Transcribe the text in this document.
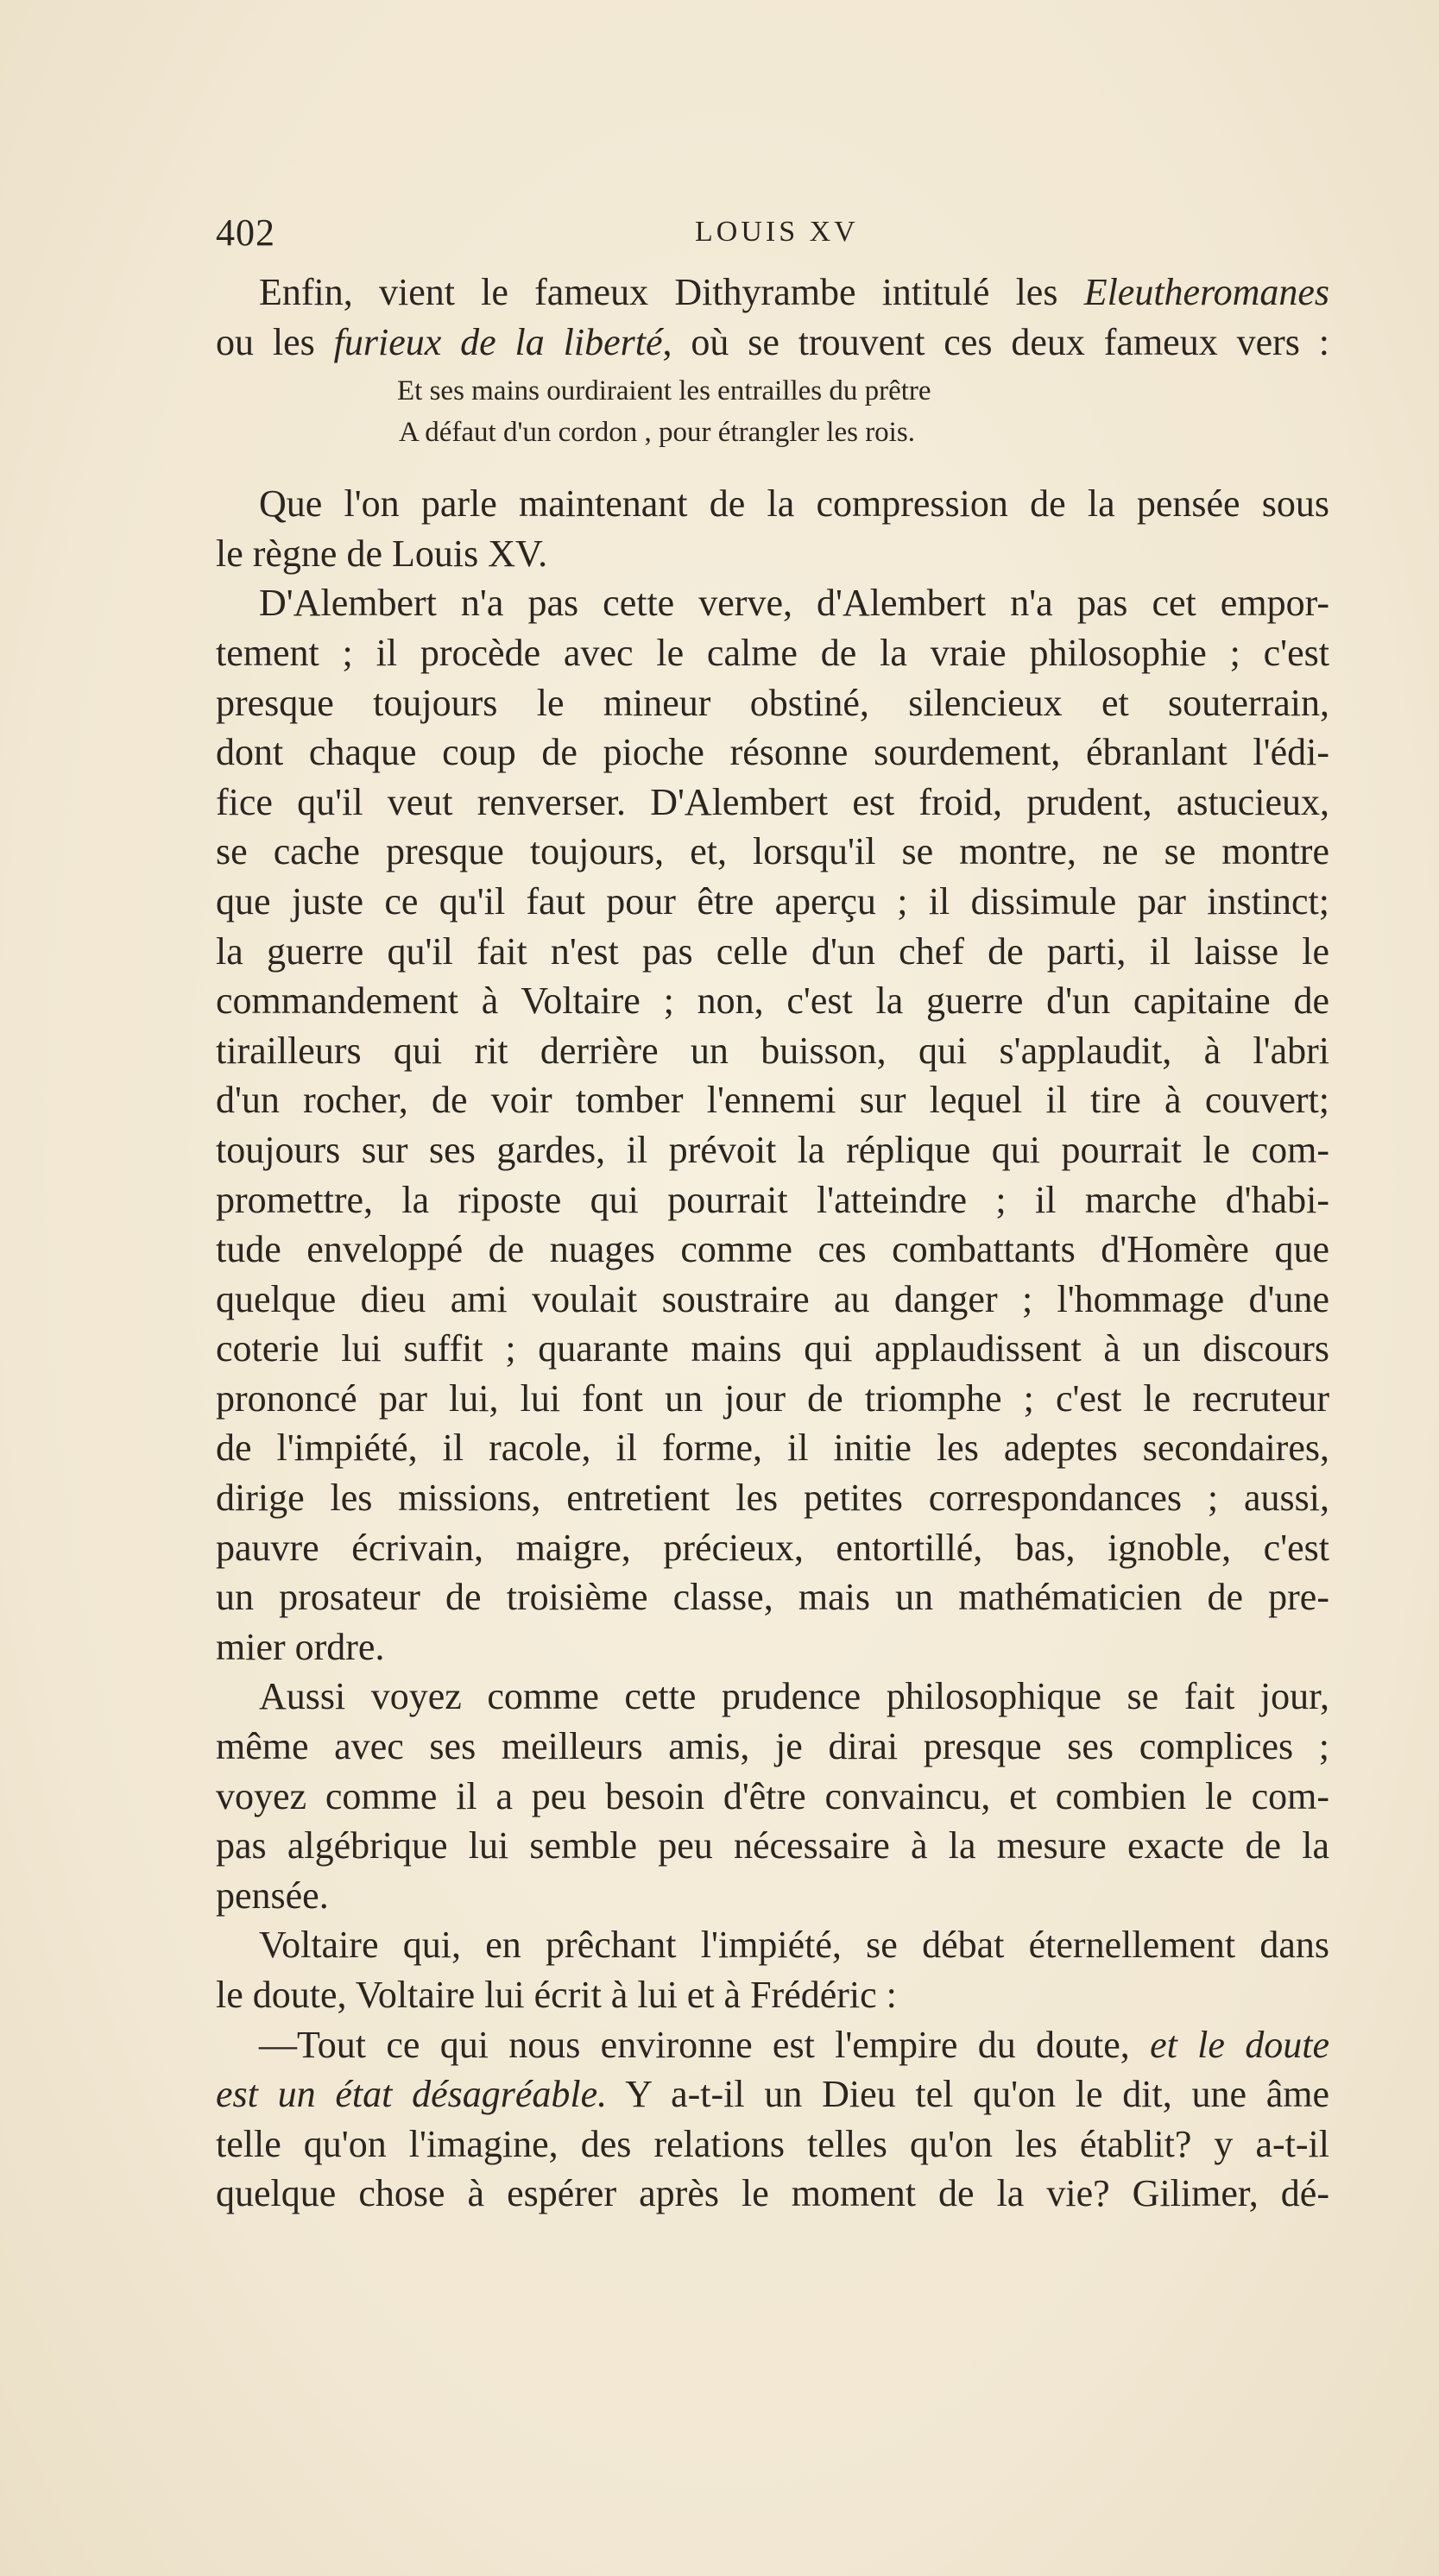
402	LOUIS XV
Enfin, vient le fameux Dithyrambe intitulé les Eleutheromanes
ou les furieux de la liberté, où se trouvent ces deux fameux vers :
Et ses mains ourdiraient les entrailles du prêtre
A défaut d'un cordon , pour étrangler les rois.
Que l'on parle maintenant de la compression de la pensée sous
le règne de Louis XV.
D'Alembert n'a pas cette verve, d'Alembert n'a pas cet empor-
tement ; il procède avec le calme de la vraie philosophie ; c'est
presque toujours le mineur obstiné, silencieux et souterrain,
dont chaque coup de pioche résonne sourdement, ébranlant l'édi-
fice qu'il veut renverser. D'Alembert est froid, prudent, astucieux,
se cache presque toujours, et, lorsqu'il se montre, ne se montre
que juste ce qu'il faut pour être aperçu ; il dissimule par instinct;
la guerre qu'il fait n'est pas celle d'un chef de parti, il laisse le
commandement à Voltaire ; non, c'est la guerre d'un capitaine de
tirailleurs qui rit derrière un buisson, qui s'applaudit, à l'abri
d'un rocher, de voir tomber l'ennemi sur lequel il tire à couvert;
toujours sur ses gardes, il prévoit la réplique qui pourrait le com-
promettre, la riposte qui pourrait l'atteindre ; il marche d'habi-
tude enveloppé de nuages comme ces combattants d'Homère que
quelque dieu ami voulait soustraire au danger ; l'hommage d'une
coterie lui suffit ; quarante mains qui applaudissent à un discours
prononcé par lui, lui font un jour de triomphe ; c'est le recruteur
de l'impiété, il racole, il forme, il initie les adeptes secondaires,
dirige les missions, entretient les petites correspondances ; aussi,
pauvre écrivain, maigre, précieux, entortillé, bas, ignoble, c'est
un prosateur de troisième classe, mais un mathématicien de pre-
mier ordre.
Aussi voyez comme cette prudence philosophique se fait jour,
même avec ses meilleurs amis, je dirai presque ses complices ;
voyez comme il a peu besoin d'être convaincu, et combien le com-
pas algébrique lui semble peu nécessaire à la mesure exacte de la
pensée.
Voltaire qui, en prêchant l'impiété, se débat éternellement dans
le doute, Voltaire lui écrit à lui et à Frédéric :
—Tout ce qui nous environne est l'empire du doute, et le doute
est un état désagréable. Y a-t-il un Dieu tel qu'on le dit, une âme
telle qu'on l'imagine, des relations telles qu'on les établit? y a-t-il
quelque chose à espérer après le moment de la vie? Gilimer, dé-
